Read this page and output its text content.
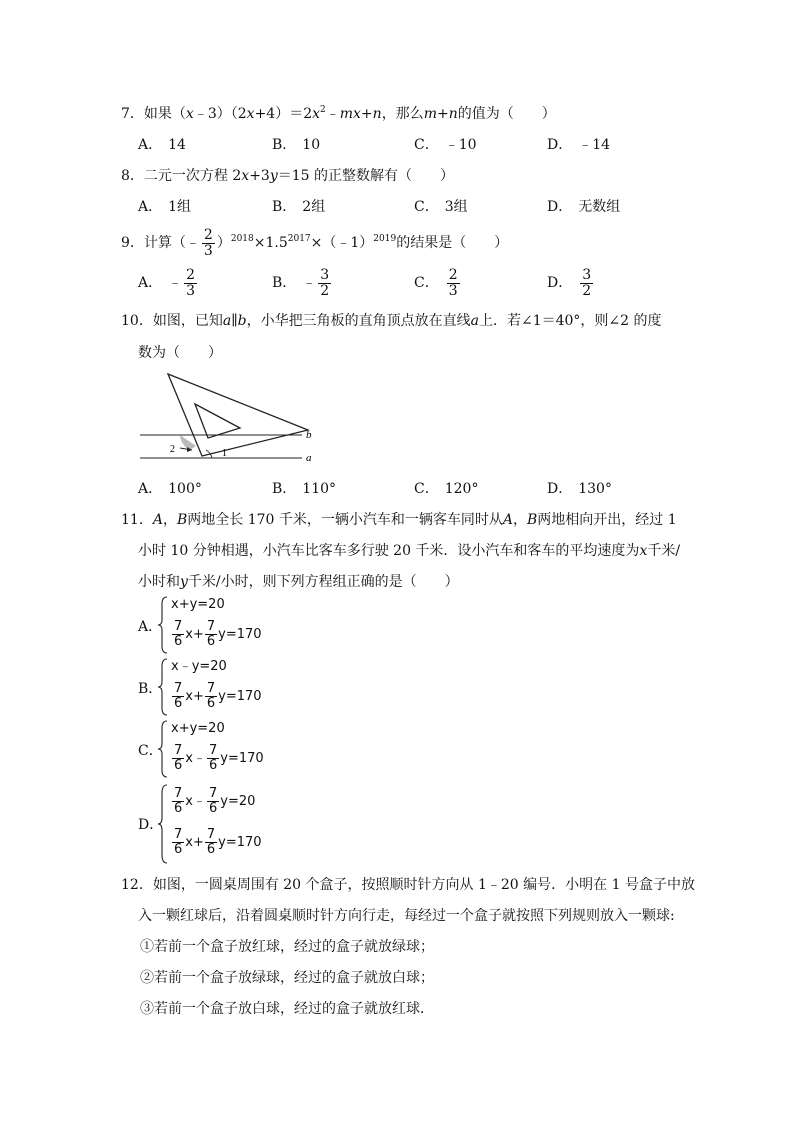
7．如果$(x﹣3)(2x+4)=2x^2﹣mx+n$，那么m+n的值为（　　）
A． 14	B． 10	C． ﹣10	D． ﹣14
8．二元一次方程 2x+3y＝15 的正整数解有（　　）
A． 1组	B． 2组	C． 3组	D． 无数组
9．计算（﹣ $\frac{2}{3}$ ）$^{2018}\times 1.5^{2017}\times(﹣1)^{2019}$的结果是（　　）
A． ﹣ $\frac{2}{3}$	B． ﹣ $\frac{3}{2}$	C． $\frac{2}{3}$	D． $\frac{3}{2}$
10．如图，已知a∥b，小华把三角板的直角顶点放在直线a上．若∠1＝40°，则∠2 的度
数为（　　）
b
a
1
2
A． 100°	B． 110°	C． 120°	D． 130°
11．A，B两地全长 170 千米，一辆小汽车和一辆客车同时从A，B两地相向开出，经过 1
小时 10 分钟相遇，小汽车比客车多行驶 20 千米．设小汽车和客车的平均速度为x千米/
小时和y千米/小时，则下列方程组正确的是（　　）
A．
x+y=20
$\frac{7}{6} x+ \frac{7}{6} y=170$
B．
x﹣y=20
$\frac{7}{6} x+ \frac{7}{6} y=170$
C．
x+y=20
$\frac{7}{6}$ x﹣ $\frac{7}{6} y=170$
D．
$\frac{7}{6}$ x﹣ $\frac{7}{6} y=20$
$\frac{7}{6} x+ \frac{7}{6} y=170$
12．如图，一圆桌周围有 20 个盒子，按照顺时针方向从 1﹣20 编号．小明在 1 号盒子中放
入一颗红球后，沿着圆桌顺时针方向行走，每经过一个盒子就按照下列规则放入一颗球:
①若前一个盒子放红球，经过的盒子就放绿球；
②若前一个盒子放绿球，经过的盒子就放白球；
③若前一个盒子放白球，经过的盒子就放红球．
